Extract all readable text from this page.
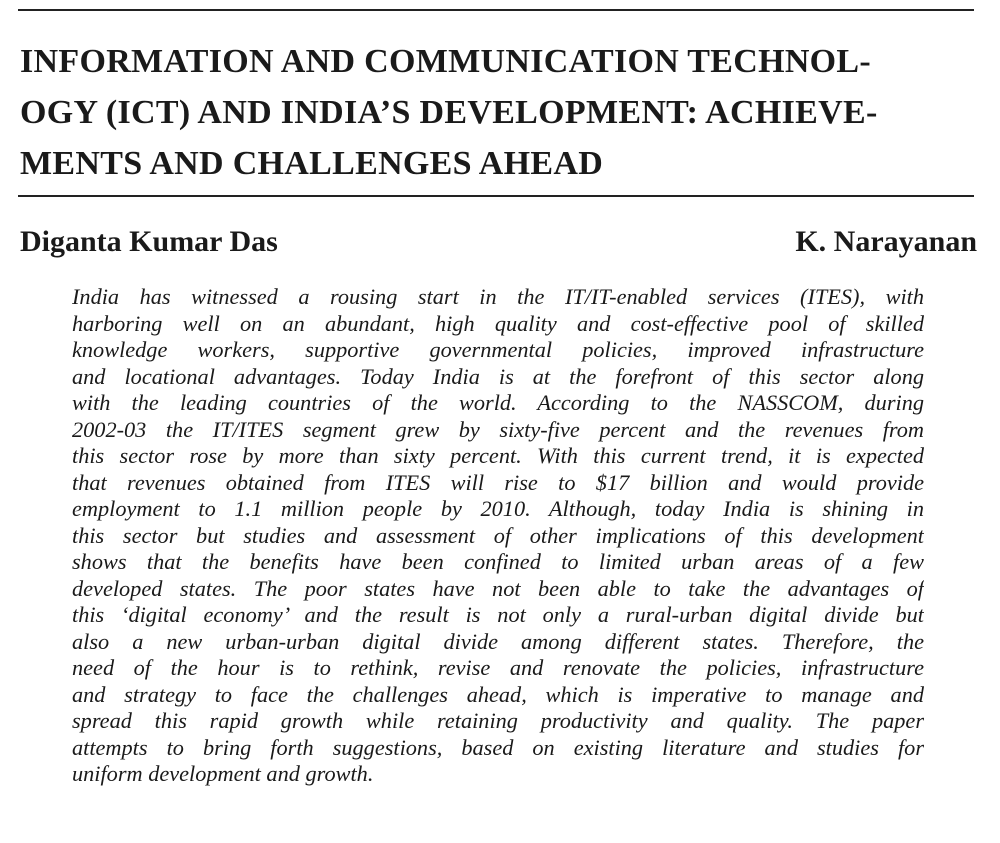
INFORMATION AND COMMUNICATION TECHNOL-
OGY (ICT) AND INDIA’S DEVELOPMENT: ACHIEVE-
MENTS AND CHALLENGES AHEAD
Diganta Kumar Das	K. Narayanan
India has witnessed a rousing start in the IT/IT-enabled services (ITES), with
harboring well on an abundant, high quality and cost-effective pool of skilled
knowledge workers, supportive governmental policies, improved infrastructure
and locational advantages. Today India is at the forefront of this sector along
with the leading countries of the world. According to the NASSCOM, during
2002-03 the IT/ITES segment grew by sixty-five percent and the revenues from
this sector rose by more than sixty percent. With this current trend, it is expected
that revenues obtained from ITES will rise to $17 billion and would provide
employment to 1.1 million people by 2010. Although, today India is shining in
this sector but studies and assessment of other implications of this development
shows that the benefits have been confined to limited urban areas of a few
developed states. The poor states have not been able to take the advantages of
this ‘digital economy’ and the result is not only a rural-urban digital divide but
also a new urban-urban digital divide among different states. Therefore, the
need of the hour is to rethink, revise and renovate the policies, infrastructure
and strategy to face the challenges ahead, which is imperative to manage and
spread this rapid growth while retaining productivity and quality. The paper
attempts to bring forth suggestions, based on existing literature and studies for
uniform development and growth.
